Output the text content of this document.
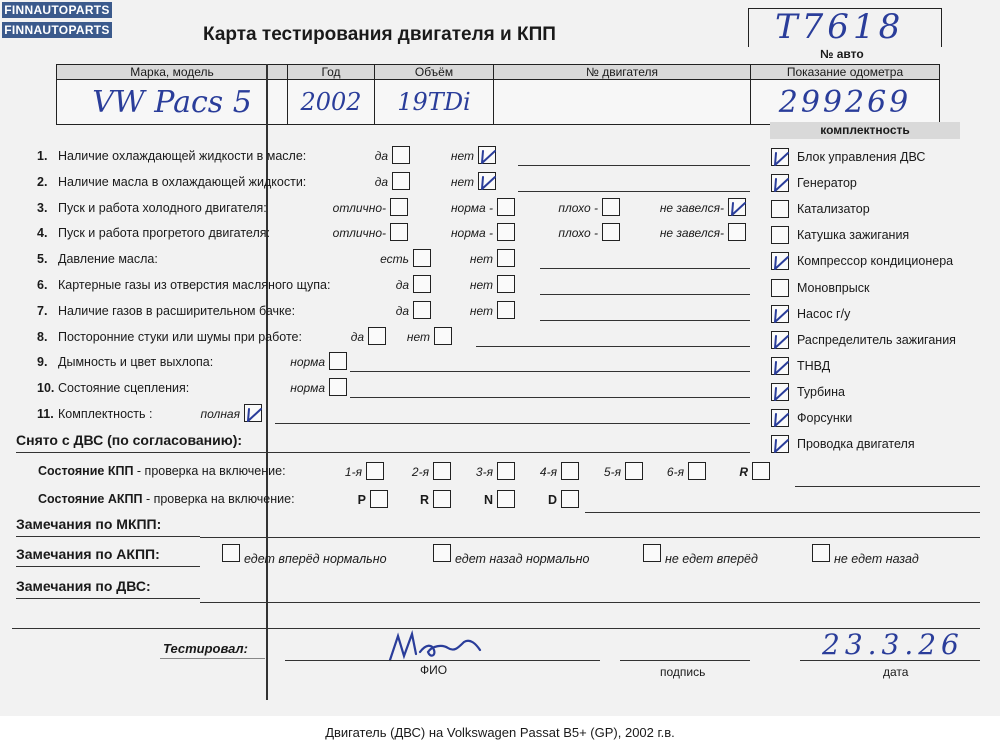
FINNAUTOPARTS
FINNAUTOPARTS	Карта тестирования двигателя и КПП	T7618
№ авто
Марка, модель	Год	Объём	№ двигателя	Показание одометра
VW Pacs 5	2002	19TDi		299269
комплектность
1. Наличие охлаждающей жидкости в масле:	да	нет
2. Наличие масла в охлаждающей жидкости:	да	нет
3. Пуск и работа холодного двигателя:	отлично-	норма -	плохо -	не завелся-
4. Пуск и работа прогретого двигателя:	отлично-	норма -	плохо -	не завелся-
5. Давление масла:	есть	нет
6. Картерные газы из отверстия масляного щупа:	да	нет
7. Наличие газов в расширительном бачке:	да	нет
8. Посторонние стуки или шумы при работе:	да	нет
9. Дымность и цвет выхлопа:	норма
10. Состояние сцепления:	норма
11. Комплектность :	полная
Блок управления ДВС
Генератор
Катализатор
Катушка зажигания
Компрессор кондиционера
Моновпрыск
Насос г/у
Распределитель зажигания
ТНВД
Турбина
Форсунки
Проводка двигателя
Снято с ДВС (по согласованию):
Состояние КПП - проверка на включение:	1-я	2-я	3-я	4-я	5-я	6-я	R
Состояние АКПП - проверка на включение:	P	R	N	D
Замечания по МКПП:
Замечания по АКПП:	едет вперёд нормально	едет назад нормально	не едет вперёд	не едет назад
Замечания по ДВС:
Тестировал:	23.3.26
ФИО	подпись	дата
Двигатель (ДВС) на Volkswagen Passat B5+ (GP), 2002 г.в.
